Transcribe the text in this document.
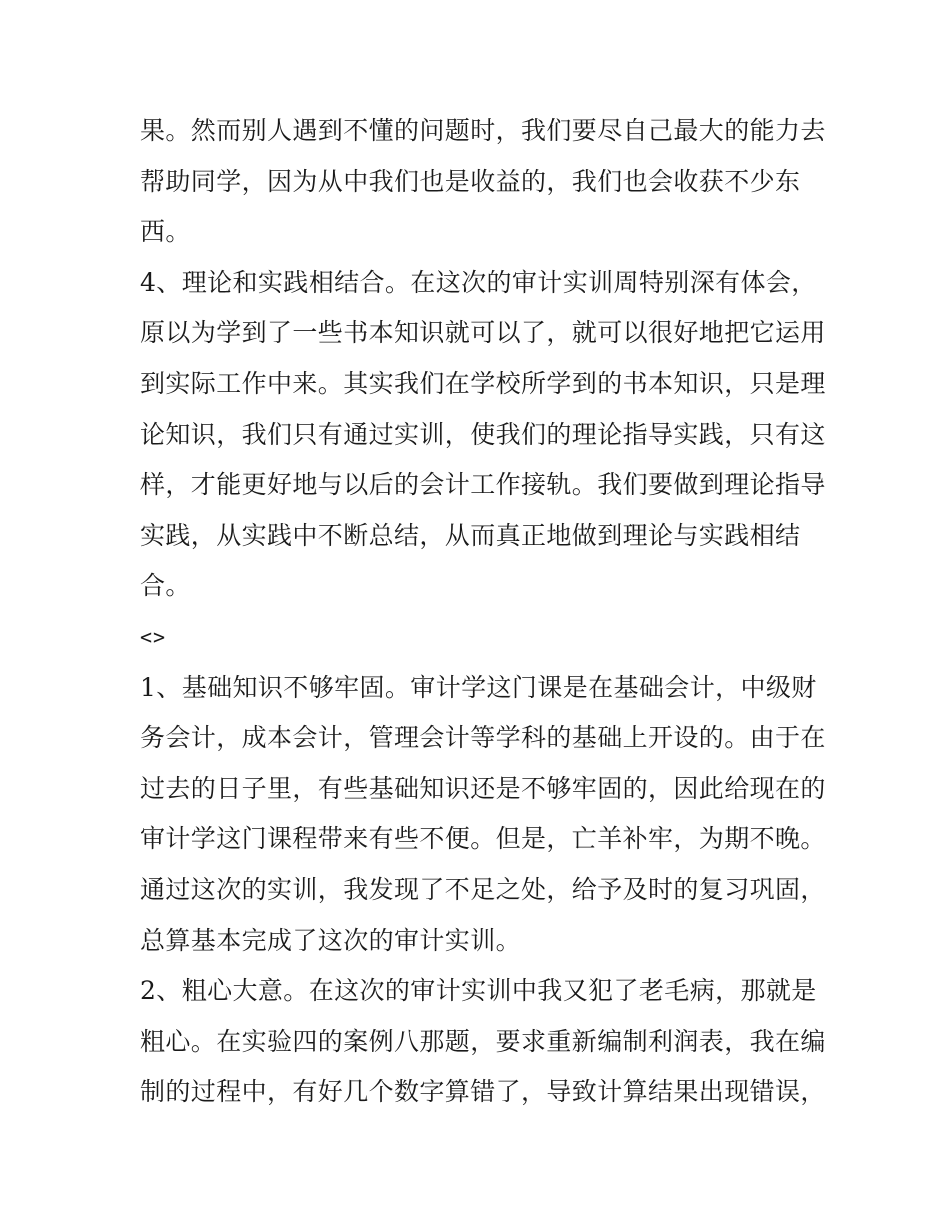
果。然而别人遇到不懂的问题时，我们要尽自己最大的能力去
帮助同学，因为从中我们也是收益的，我们也会收获不少东
西。
4、理论和实践相结合。在这次的审计实训周特别深有体会，
原以为学到了一些书本知识就可以了，就可以很好地把它运用
到实际工作中来。其实我们在学校所学到的书本知识，只是理
论知识，我们只有通过实训，使我们的理论指导实践，只有这
样，才能更好地与以后的会计工作接轨。我们要做到理论指导
实践，从实践中不断总结，从而真正地做到理论与实践相结
合。
<>
1、基础知识不够牢固。审计学这门课是在基础会计，中级财
务会计，成本会计，管理会计等学科的基础上开设的。由于在
过去的日子里，有些基础知识还是不够牢固的，因此给现在的
审计学这门课程带来有些不便。但是，亡羊补牢，为期不晚。
通过这次的实训，我发现了不足之处，给予及时的复习巩固，
总算基本完成了这次的审计实训。
2、粗心大意。在这次的审计实训中我又犯了老毛病，那就是
粗心。在实验四的案例八那题，要求重新编制利润表，我在编
制的过程中，有好几个数字算错了，导致计算结果出现错误，
